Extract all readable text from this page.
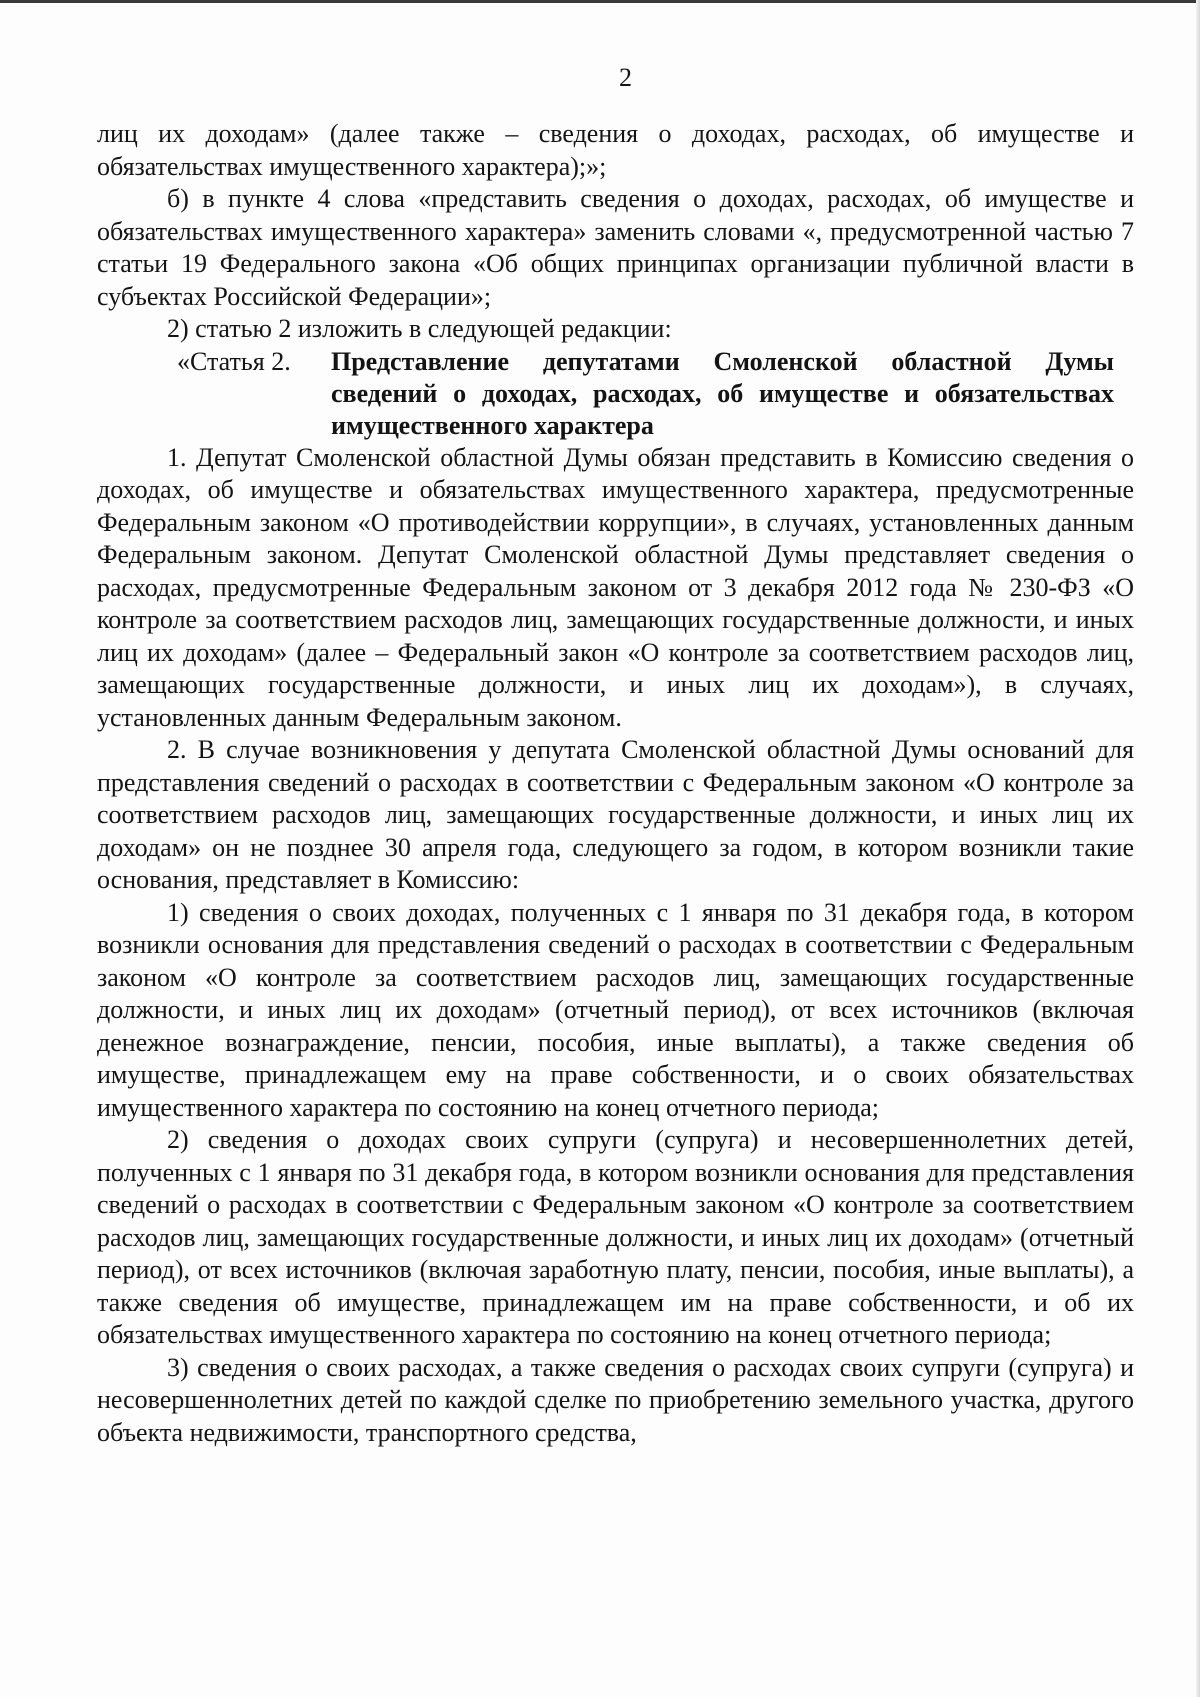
2

лиц их доходам» (далее также – сведения о доходах, расходах, об имуществе и обязательствах имущественного характера);»;

б) в пункте 4 слова «представить сведения о доходах, расходах, об имуществе и обязательствах имущественного характера» заменить словами «, предусмотренной частью 7 статьи 19 Федерального закона «Об общих принципах организации публичной власти в субъектах Российской Федерации»;

2) статью 2 изложить в следующей редакции:

«Статья 2.	Представление депутатами Смоленской областной Думы сведений о доходах, расходах, об имуществе и обязательствах имущественного характера

1. Депутат Смоленской областной Думы обязан представить в Комиссию сведения о доходах, об имуществе и обязательствах имущественного характера, предусмотренные Федеральным законом «О противодействии коррупции», в случаях, установленных данным Федеральным законом. Депутат Смоленской областной Думы представляет сведения о расходах, предусмотренные Федеральным законом от 3 декабря 2012 года № 230-ФЗ «О контроле за соответствием расходов лиц, замещающих государственные должности, и иных лиц их доходам» (далее – Федеральный закон «О контроле за соответствием расходов лиц, замещающих государственные должности, и иных лиц их доходам»), в случаях, установленных данным Федеральным законом.

2. В случае возникновения у депутата Смоленской областной Думы оснований для представления сведений о расходах в соответствии с Федеральным законом «О контроле за соответствием расходов лиц, замещающих государственные должности, и иных лиц их доходам» он не позднее 30 апреля года, следующего за годом, в котором возникли такие основания, представляет в Комиссию:

1) сведения о своих доходах, полученных с 1 января по 31 декабря года, в котором возникли основания для представления сведений о расходах в соответствии с Федеральным законом «О контроле за соответствием расходов лиц, замещающих государственные должности, и иных лиц их доходам» (отчетный период), от всех источников (включая денежное вознаграждение, пенсии, пособия, иные выплаты), а также сведения об имуществе, принадлежащем ему на праве собственности, и о своих обязательствах имущественного характера по состоянию на конец отчетного периода;

2) сведения о доходах своих супруги (супруга) и несовершеннолетних детей, полученных с 1 января по 31 декабря года, в котором возникли основания для представления сведений о расходах в соответствии с Федеральным законом «О контроле за соответствием расходов лиц, замещающих государственные должности, и иных лиц их доходам» (отчетный период), от всех источников (включая заработную плату, пенсии, пособия, иные выплаты), а также сведения об имуществе, принадлежащем им на праве собственности, и об их обязательствах имущественного характера по состоянию на конец отчетного периода;

3) сведения о своих расходах, а также сведения о расходах своих супруги (супруга) и несовершеннолетних детей по каждой сделке по приобретению земельного участка, другого объекта недвижимости, транспортного средства,
